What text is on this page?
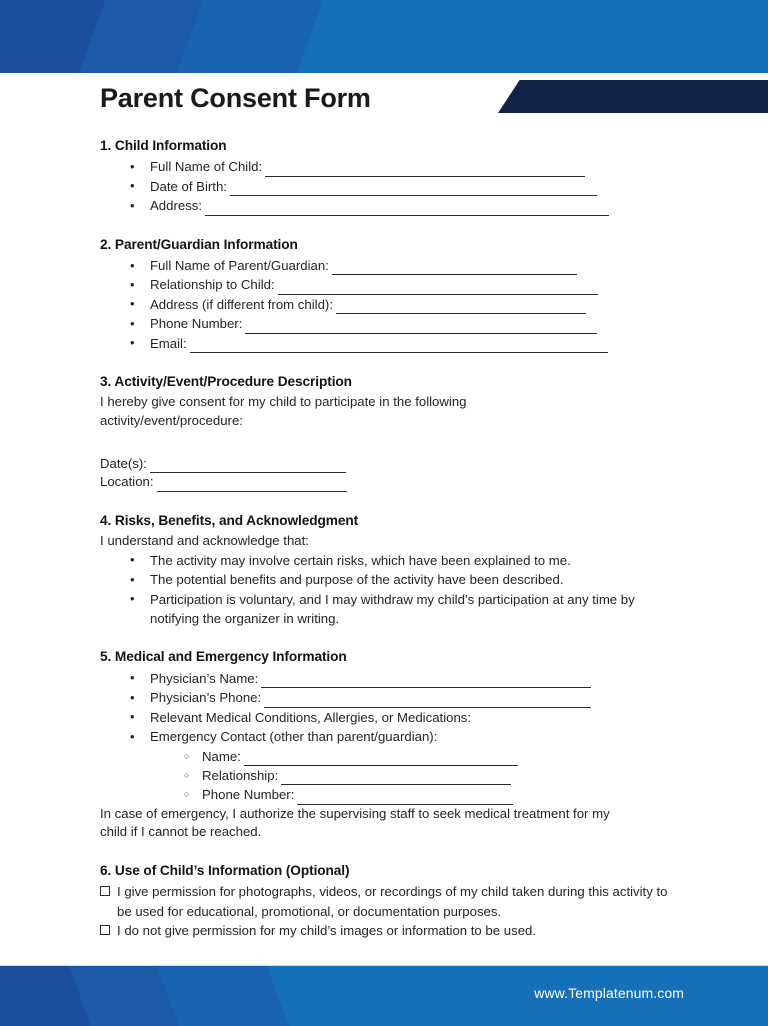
Parent Consent Form
1. Child Information
• Full Name of Child:
• Date of Birth:
• Address:
2. Parent/Guardian Information
• Full Name of Parent/Guardian:
• Relationship to Child:
• Address (if different from child):
• Phone Number:
• Email:
3. Activity/Event/Procedure Description
I hereby give consent for my child to participate in the following
activity/event/procedure:
Date(s):
Location:
4. Risks, Benefits, and Acknowledgment
I understand and acknowledge that:
• The activity may involve certain risks, which have been explained to me.
• The potential benefits and purpose of the activity have been described.
• Participation is voluntary, and I may withdraw my child’s participation at any time by notifying the organizer in writing.
5. Medical and Emergency Information
• Physician’s Name:
• Physician’s Phone:
• Relevant Medical Conditions, Allergies, or Medications:
• Emergency Contact (other than parent/guardian):
○ Name:
○ Relationship:
○ Phone Number:
In case of emergency, I authorize the supervising staff to seek medical treatment for my
child if I cannot be reached.
6. Use of Child’s Information (Optional)
I give permission for photographs, videos, or recordings of my child taken during this activity to be used for educational, promotional, or documentation purposes.
I do not give permission for my child’s images or information to be used.
www.Templatenum.com
